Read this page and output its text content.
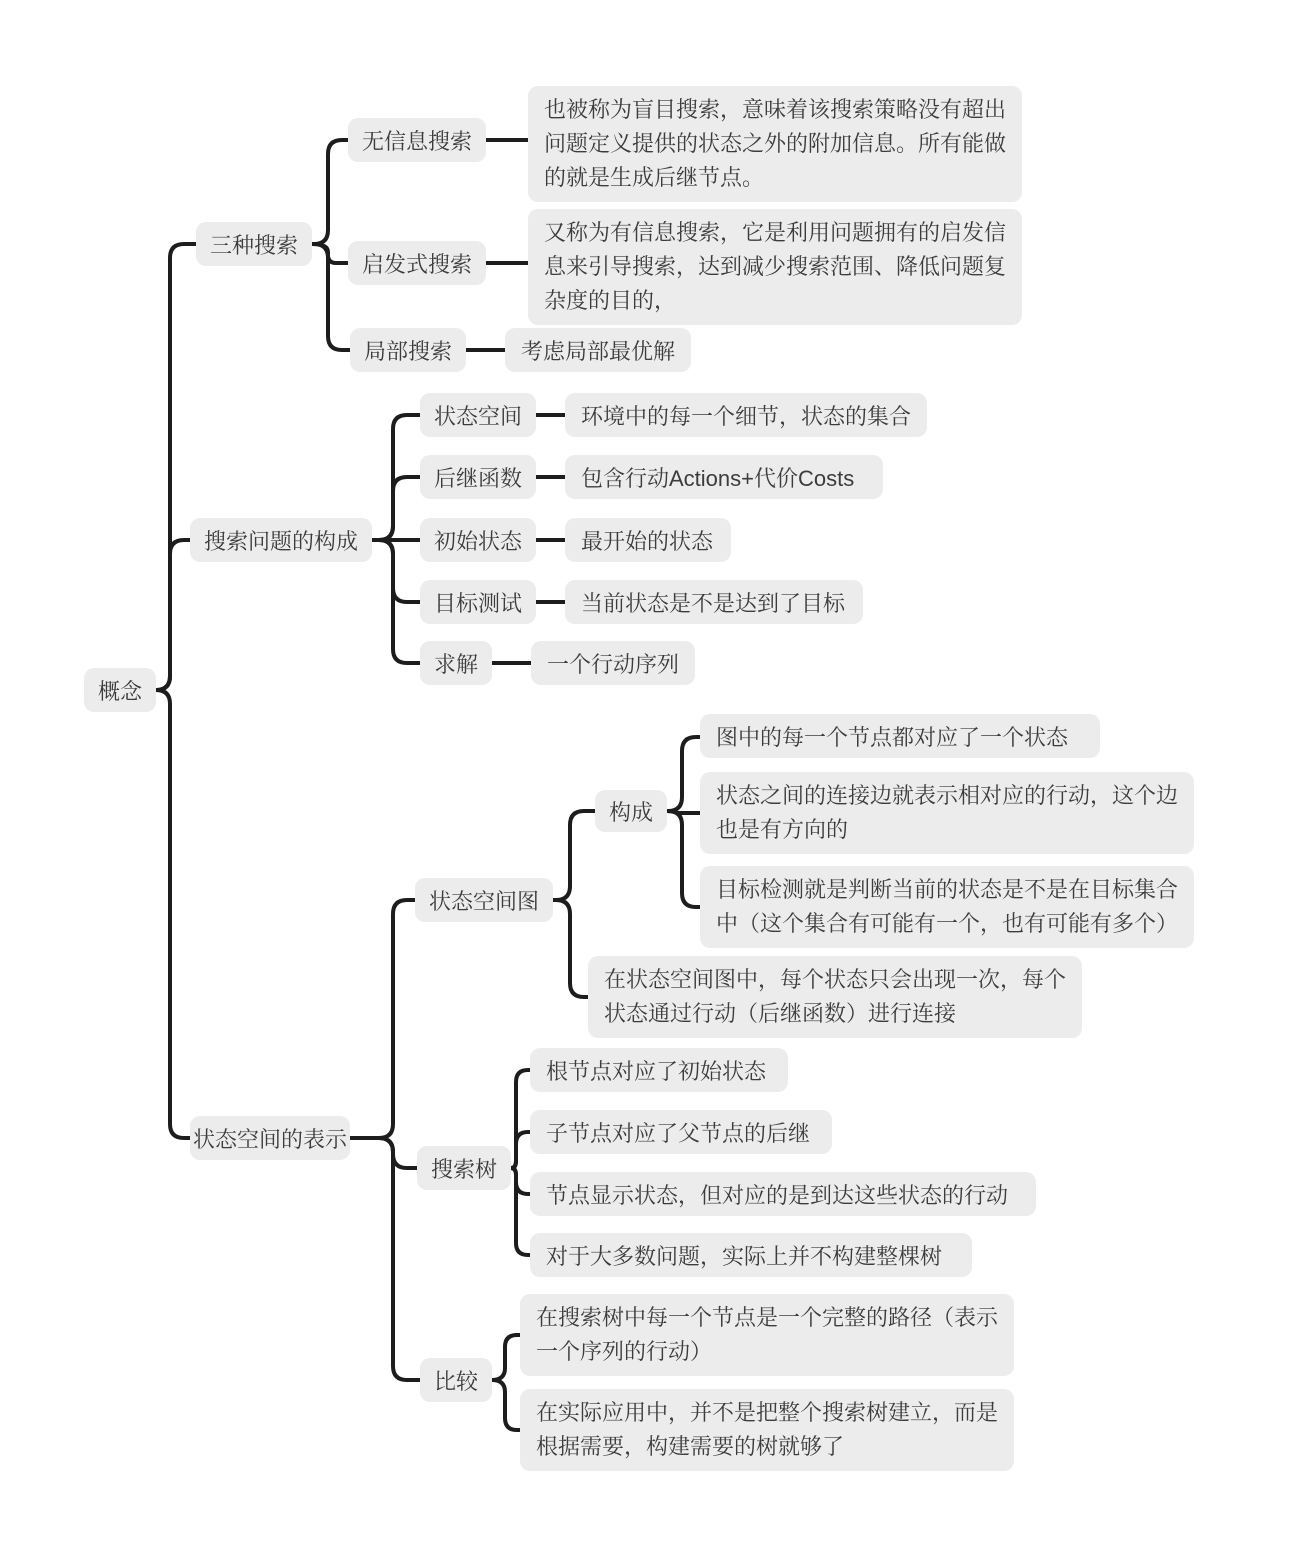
概念
三种搜索
无信息搜索
也被称为盲目搜索，意味着该搜索策略没有超出问题定义提供的状态之外的附加信息。所有能做的就是生成后继节点。
启发式搜索
又称为有信息搜索，它是利用问题拥有的启发信息来引导搜索，达到减少搜索范围、降低问题复杂度的目的，
局部搜索	考虑局部最优解
搜索问题的构成
状态空间	环境中的每一个细节，状态的集合
后继函数	包含行动Actions+代价Costs
初始状态	最开始的状态
目标测试	当前状态是不是达到了目标
求解	一个行动序列
状态空间的表示
状态空间图
构成
图中的每一个节点都对应了一个状态
状态之间的连接边就表示相对应的行动，这个边也是有方向的
目标检测就是判断当前的状态是不是在目标集合中（这个集合有可能有一个，也有可能有多个）
在状态空间图中，每个状态只会出现一次，每个状态通过行动（后继函数）进行连接
搜索树
根节点对应了初始状态
子节点对应了父节点的后继
节点显示状态，但对应的是到达这些状态的行动
对于大多数问题，实际上并不构建整棵树
比较
在搜索树中每一个节点是一个完整的路径（表示一个序列的行动）
在实际应用中，并不是把整个搜索树建立，而是根据需要，构建需要的树就够了
